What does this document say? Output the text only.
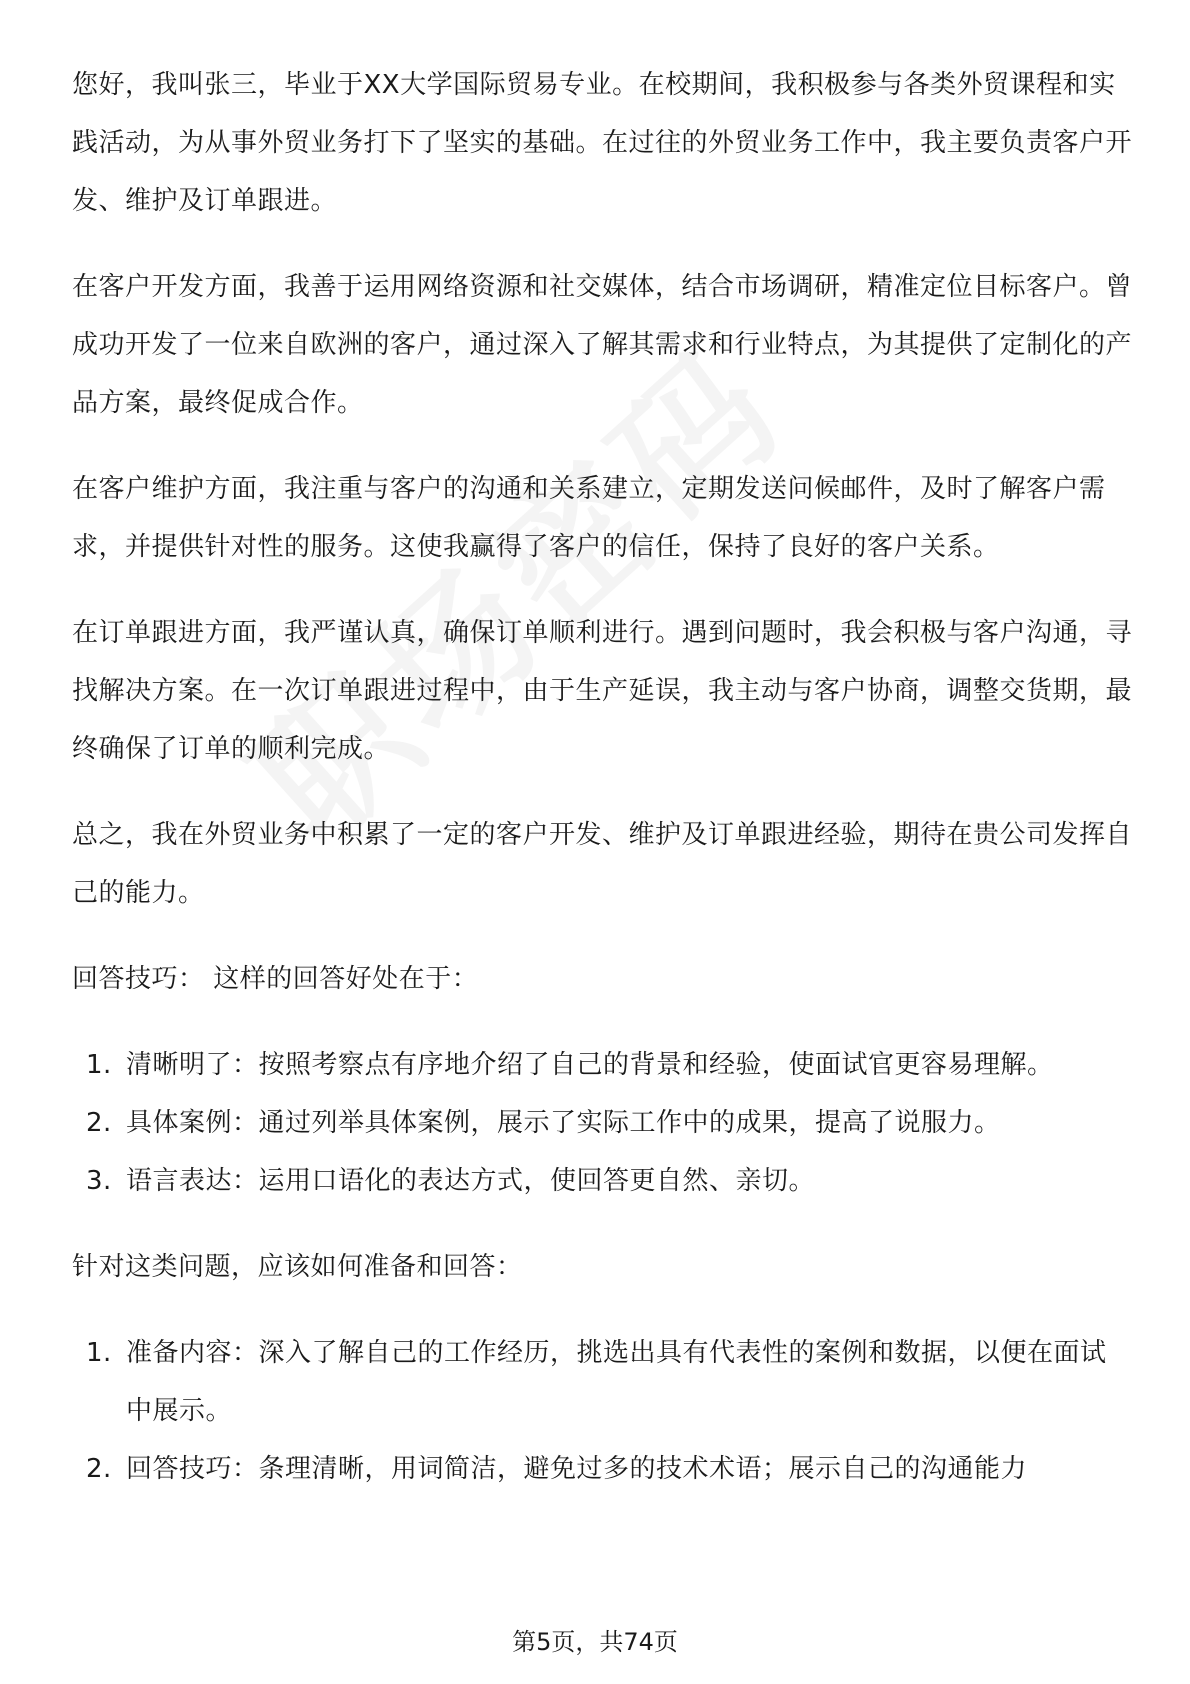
您好，我叫张三，毕业于XX大学国际贸易专业。在校期间，我积极参与各类外贸课程和实践活动，为从事外贸业务打下了坚实的基础。在过往的外贸业务工作中，我主要负责客户开发、维护及订单跟进。

在客户开发方面，我善于运用网络资源和社交媒体，结合市场调研，精准定位目标客户。曾成功开发了一位来自欧洲的客户，通过深入了解其需求和行业特点，为其提供了定制化的产品方案，最终促成合作。

在客户维护方面，我注重与客户的沟通和关系建立，定期发送问候邮件，及时了解客户需求，并提供针对性的服务。这使我赢得了客户的信任，保持了良好的客户关系。

在订单跟进方面，我严谨认真，确保订单顺利进行。遇到问题时，我会积极与客户沟通，寻找解决方案。在一次订单跟进过程中，由于生产延误，我主动与客户协商，调整交货期，最终确保了订单的顺利完成。

总之，我在外贸业务中积累了一定的客户开发、维护及订单跟进经验，期待在贵公司发挥自己的能力。

回答技巧： 这样的回答好处在于：
1. 清晰明了：按照考察点有序地介绍了自己的背景和经验，使面试官更容易理解。
2. 具体案例：通过列举具体案例，展示了实际工作中的成果，提高了说服力。
3. 语言表达：运用口语化的表达方式，使回答更自然、亲切。
针对这类问题，应该如何准备和回答：
1. 准备内容：深入了解自己的工作经历，挑选出具有代表性的案例和数据，以便在面试中展示。
2. 回答技巧：条理清晰，用词简洁，避免过多的技术术语；展示自己的沟通能力
第5页，共74页
